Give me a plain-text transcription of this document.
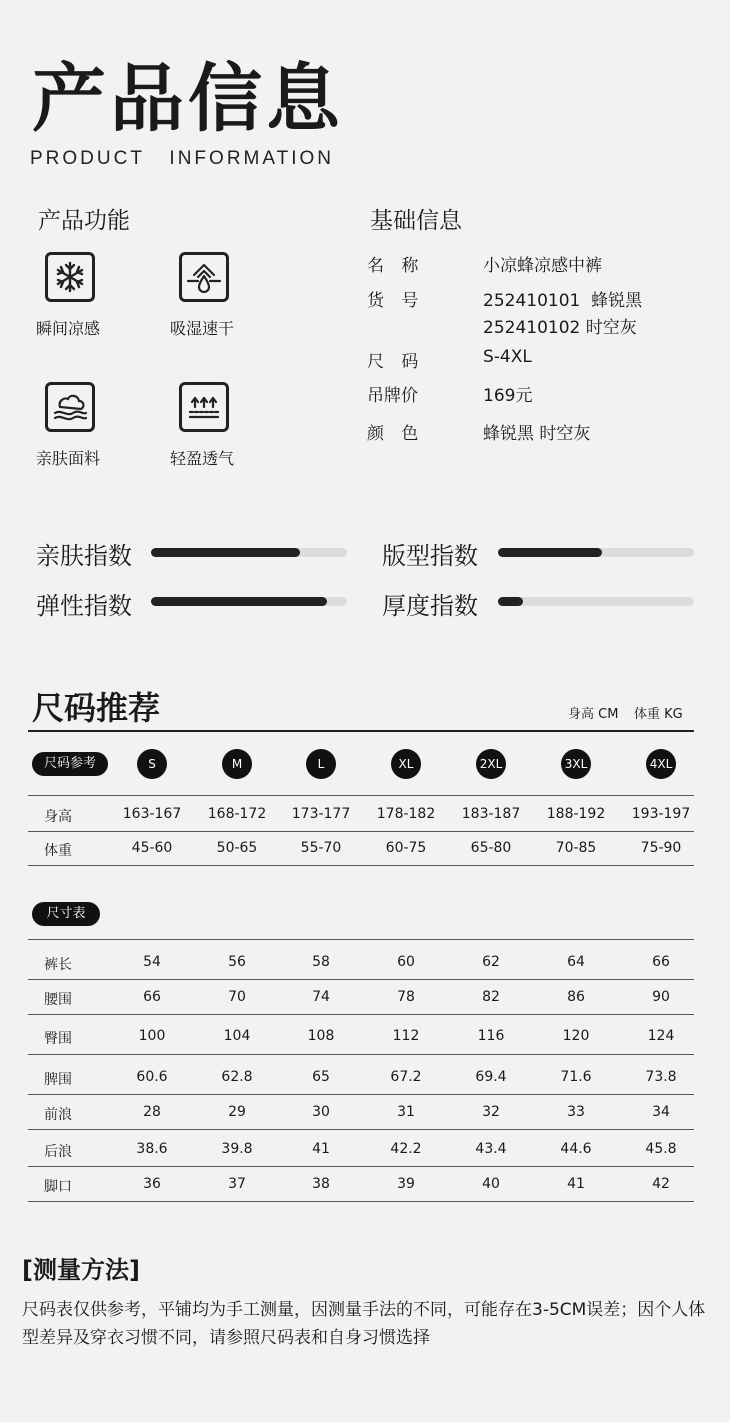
产品信息
PRODUCT   INFORMATION
产品功能
瞬间凉感	吸湿速干
亲肤面料	轻盈透气
基础信息
名 称	小凉蜂凉感中裤
货 号	252410101  蜂锐黑
252410102 时空灰
尺 码	S-4XL
吊牌价	169元
颜 色	蜂锐黑 时空灰
亲肤指数	版型指数
弹性指数	厚度指数
尺码推荐	身高 CM 体重 KG
尺码参考	S	M	L	XL	2XL	3XL	4XL
身高	163-167	168-172	173-177	178-182	183-187	188-192	193-197
体重	45-60	50-65	55-70	60-75	65-80	70-85	75-90
尺寸表
裤长	54	56	58	60	62	64	66
腰围	66	70	74	78	82	86	90
臀围	100	104	108	112	116	120	124
脾围	60.6	62.8	65	67.2	69.4	71.6	73.8
前浪	28	29	30	31	32	33	34
后浪	38.6	39.8	41	42.2	43.4	44.6	45.8
脚口	36	37	38	39	40	41	42
[测量方法]
尺码表仅供参考，平铺均为手工测量，因测量手法的不同，可能存在3-5CM误差；因个人体型差异及穿衣习惯不同，请参照尺码表和自身习惯选择
